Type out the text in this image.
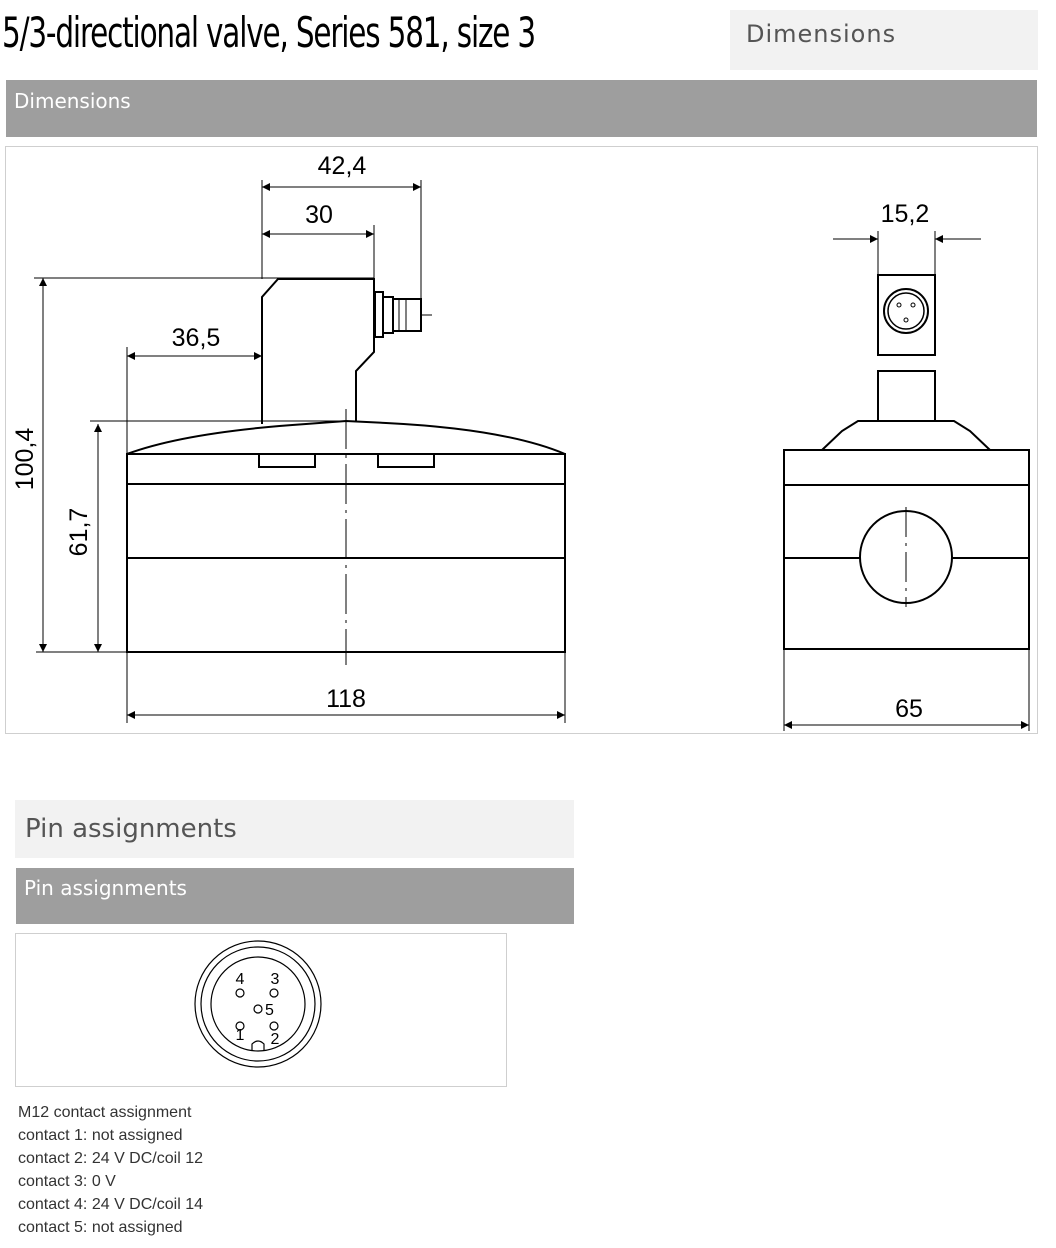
5/3-directional valve, Series 581, size 3	Dimensions
Dimensions
42,4
30
36,5
118
15,2
65
100,4
61,7
Pin assignments
Pin assignments
1 2
3
4
5
M12 contact assignment
contact 1: not assigned
contact 2: 24 V DC/coil 12
contact 3: 0 V
contact 4: 24 V DC/coil 14
contact 5: not assigned
